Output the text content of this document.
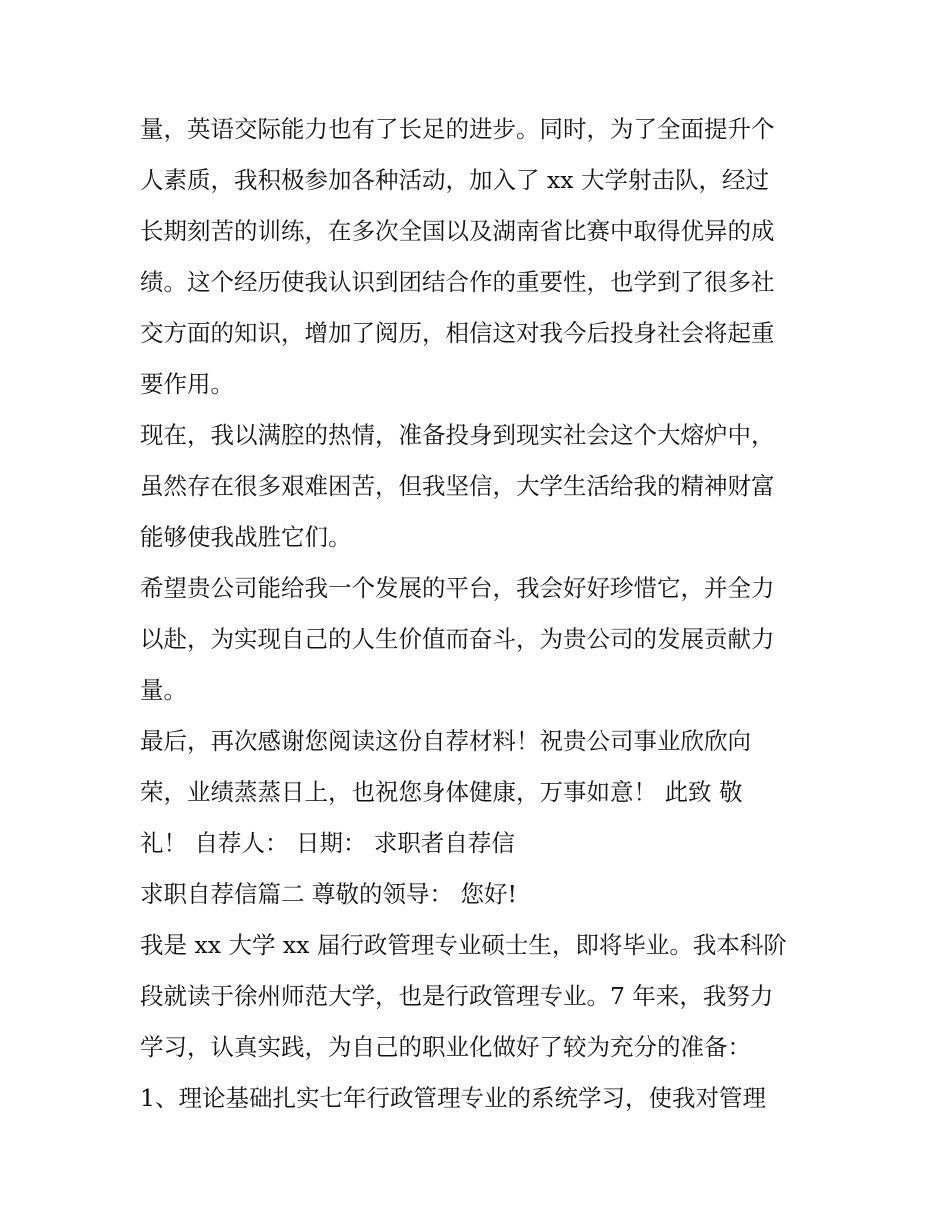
量，英语交际能力也有了长足的进步。同时，为了全面提升个
人素质，我积极参加各种活动，加入了 xx 大学射击队，经过
长期刻苦的训练，在多次全国以及湖南省比赛中取得优异的成
绩。这个经历使我认识到团结合作的重要性，也学到了很多社
交方面的知识，增加了阅历，相信这对我今后投身社会将起重
要作用。
现在，我以满腔的热情，准备投身到现实社会这个大熔炉中，
虽然存在很多艰难困苦，但我坚信，大学生活给我的精神财富
能够使我战胜它们。
希望贵公司能给我一个发展的平台，我会好好珍惜它，并全力
以赴，为实现自己的人生价值而奋斗，为贵公司的发展贡献力
量。
最后，再次感谢您阅读这份自荐材料！祝贵公司事业欣欣向
荣，业绩蒸蒸日上，也祝您身体健康，万事如意！ 此致 敬
礼！ 自荐人： 日期： 求职者自荐信
求职自荐信篇二 尊敬的领导： 您好!
我是 xx 大学 xx 届行政管理专业硕士生，即将毕业。我本科阶
段就读于徐州师范大学，也是行政管理专业。7 年来，我努力
学习，认真实践，为自己的职业化做好了较为充分的准备：
1、理论基础扎实七年行政管理专业的系统学习，使我对管理
